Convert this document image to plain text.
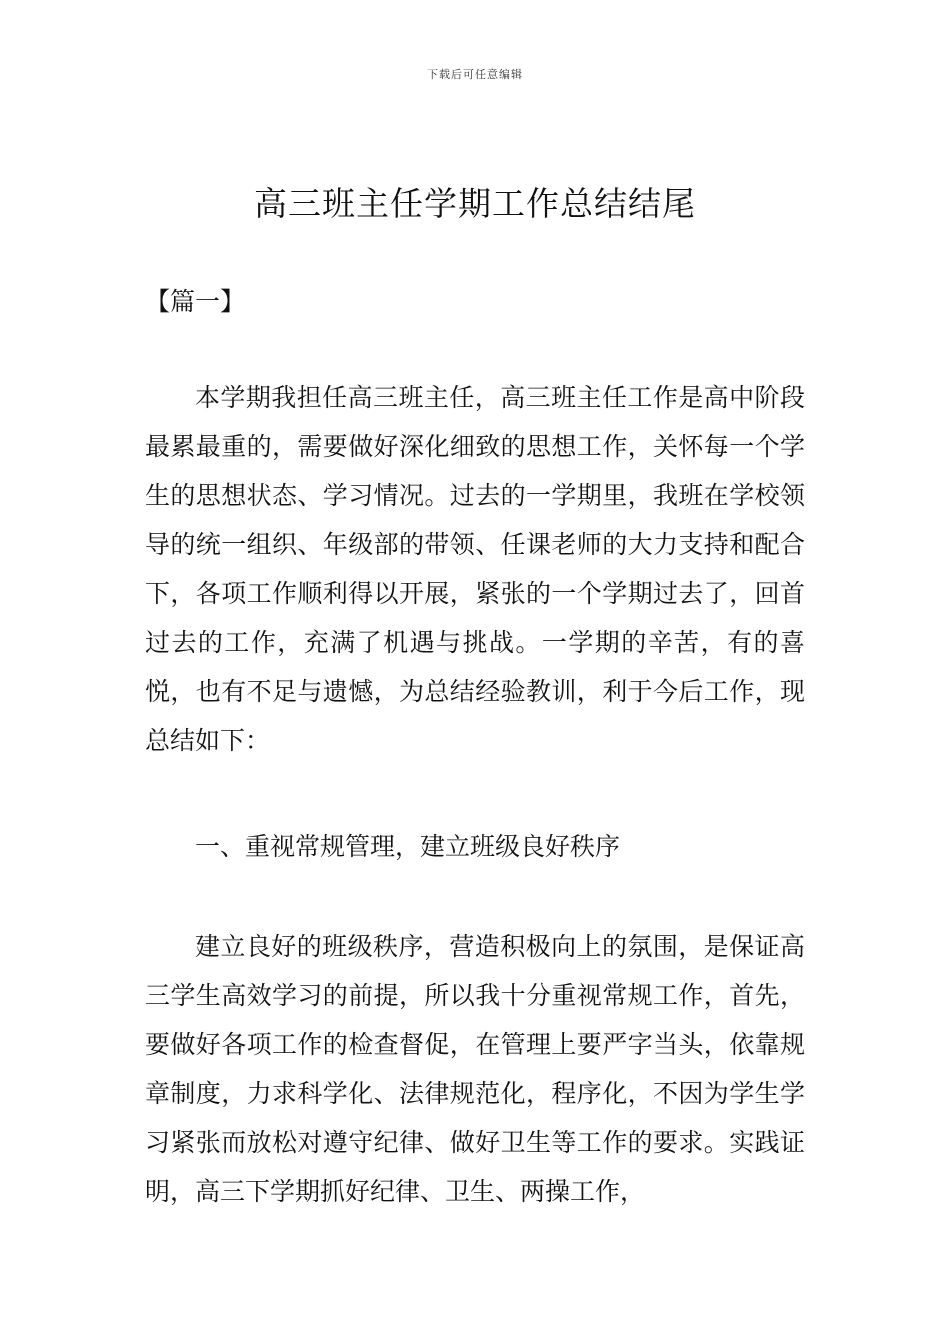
下载后可任意编辑
高三班主任学期工作总结结尾
【篇一】

本学期我担任高三班主任，高三班主任工作是高中阶段最累最重的，需要做好深化细致的思想工作，关怀每一个学生的思想状态、学习情况。过去的一学期里，我班在学校领导的统一组织、年级部的带领、任课老师的大力支持和配合下，各项工作顺利得以开展，紧张的一个学期过去了，回首过去的工作，充满了机遇与挑战。一学期的辛苦，有的喜悦，也有不足与遗憾，为总结经验教训，利于今后工作，现总结如下：

一、重视常规管理，建立班级良好秩序

建立良好的班级秩序，营造积极向上的氛围，是保证高三学生高效学习的前提，所以我十分重视常规工作，首先，要做好各项工作的检查督促，在管理上要严字当头，依靠规章制度，力求科学化、法律规范化，程序化，不因为学生学习紧张而放松对遵守纪律、做好卫生等工作的要求。实践证明，高三下学期抓好纪律、卫生、两操工作，
